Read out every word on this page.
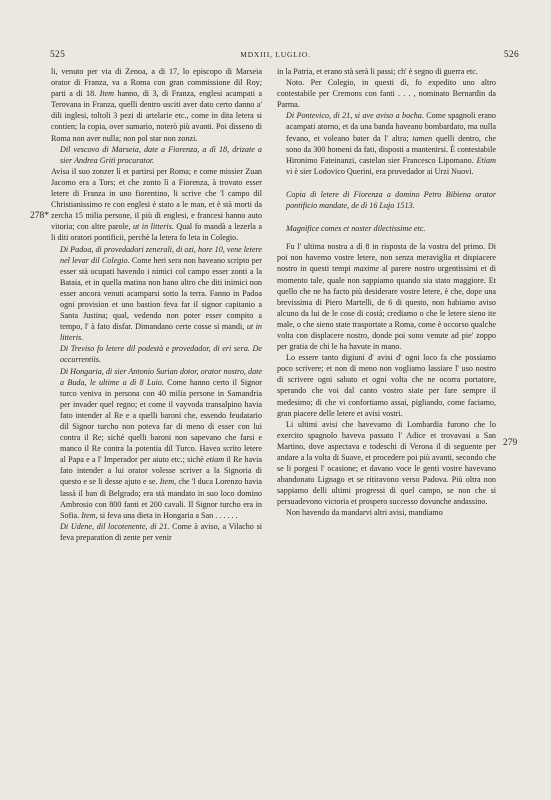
525	MDXIII, LUGLIO.	526
278*
279

li, venuto per via di Zenoa, a di 17, lo episcopo di Marseia orator di Franza, va a Roma con gran commissione dil Roy; parti a di 18. Item hanno, di 3, di Franza, englesi acampati a Terovana in Franza, quelli dentro usciti aver dato certo danno a' dili inglesi, toltoli 3 pezi di artelarie etc., come in dita letera si contien; la copia, over sumario, noterò più avanti. Poi disseno di Roma non aver nulla; non pol star non zonzi.

Dil vescovo di Marseia, date a Fiorenza, a dì 18, drizate a sier Andrea Griti procurator.

Avisa il suo zonzer lì et partirsi per Roma; e come missier Zuan Jacomo era a Tors; et che zonto lì a Fiorenza, à trovato esser letere di Franza in uno fiorentino, li scrive che 'l campo dil Christianissimo re con englesi è stato a le man, et è stà morti da zercha 15 milia persone, il più di englesi, e francesi hanno auto vitoria; con altre parole, ut in litteris. Qual fo mandà a lezerla a li diti oratori pontificii, perchè la letera fo leta in Colegio.

Di Padoa, di provedadori zenerali, di ozi, hore 10, vene letere nel levar dil Colegio. Come heri sera non haveano scripto per esser stà ocupati havendo i nimici col campo esser zonti a la Bataia, et in quella matina non hano altro che diti inimici non esser ancora venuti acamparsi sotto la terra. Fanno in Padoa ogni provision et uno bastion feva far il signor capitanio a Santa Justina; qual, vedendo non poter esser compito a tempo, l' à fato disfar. Dimandano certe cosse si mandi, ut in litteris.

Di Treviso fo letere dil podestà e provedador, di eri sera. De occurrentiis.

Di Hongaria, di sier Antonio Surian dotor, orator nostro, date a Buda, le ultime a dì 8 Luio. Come hanno certo il Signor turco veniva in persona con 40 milia persone in Samandria per invader quel regno; et come il vayvoda transalpino havia fato intender al Re e a quelli baroni che, essendo feudatario dil Signor turcho non poteva far di meno di esser con lui contra il Re; siché quelli baroni non sapevano che farsi e manco il Re contra la potentia dil Turco. Havea scrito letere al Papa e a l' Imperador per aiuto etc.; sichè etiam il Re havia fato intender a lui orator volesse scriver a la Signoria di questo e se li desse ajuto e se. Item, che 'l duca Lorenzo havia lassà il ban di Belgrado; era stà mandato in suo loco domino Ambrosio con 800 fanti et 200 cavali. Il Signor turcho era in Sofia. Item, si feva una dieta in Hongaria a San . . . . . .

Di Udene, dil locotenente, di 21. Come à aviso, a Vilacho si feva preparation di zente per venir

in la Patria, et erano stà serà li passi; ch' è segno di guerra etc.

Noto. Per Colegio, in questi dì, fo expedito uno altro contestabile per Cremons con fanti . . . , nominato Bernardin da Parma.

Di Pontevico, di 21, si ave aviso a bocha. Come spagnoli erano acampati atorno, et da una banda haveano bombardato, ma nulla fevano, et voleano bater da l' altra; tamen quelli dentro, che sono da 300 homeni da fati, disposti a mantenirsi. È contestabile Hironimo Fateinanzi, castelan sier Francesco Lipomano. Etiam vi è sier Lodovico Querini, era provedador ai Urzi Nuovi.

Copia di letere di Fiorenza a domino Petro Bibiena orator pontificio mandate, de dì 16 Lujo 1513.

Magnifice comes et noster dilectissime etc.

Fu l' ultima nostra a dì 8 in risposta de la vostra del primo. Di poi non havemo vostre letere, non senza meraviglia et dispiacere nostro in questi tempi maxime al parere nostro urgentissimi et di momento tale, quale non sappiamo quando sia stato maggiore. Et quello che ne ha facto più desiderare vostre letere, è che, dope una brevissima di Piero Martelli, de 6 di questo, non habiamo aviso alcuno da lui de le cose di costà; crediamo o che le letere sieno ite male, o che sieno state trasportate a Roma, come è occorso qualche volta con displacere nostro, donde poi sono venute ad pie' zoppo per gratia de chi le ha havute in mano.

Lo essere tanto digiuni d' avisi d' ogni loco fa che possiamo poco scrivere; et non di meno non vogliamo lassiare l' uso nostro di scrivere ogni sabato et ogni volta che ne ocorra portatore, sperando che voi dal canto vostro siate per fare sempre il medesimo; di che vi confortiamo assai, pigliando, come faciamo, gran piacere delle letere et avisi vostri.

Li ultimi avisi che havevamo di Lombardia furono che lo exercito spagnolo haveva passato l' Adice et trovavasi a San Martino, dove aspectava e todeschi di Verona il di seguente per andare a la volta di Suave, et procedere poi più avanti, secondo che se li porgesi l' ocasione; et davano voce le genti vostre havevano abandonato Lignago et se ritiravono verso Padova. Più oltra non sappiamo delli ultimi progressi di quel campo, se non che si persuadevono victoria et prospero successo dovunche andassino.

Non havendo da mandarvi altri avisi, mandiamo
